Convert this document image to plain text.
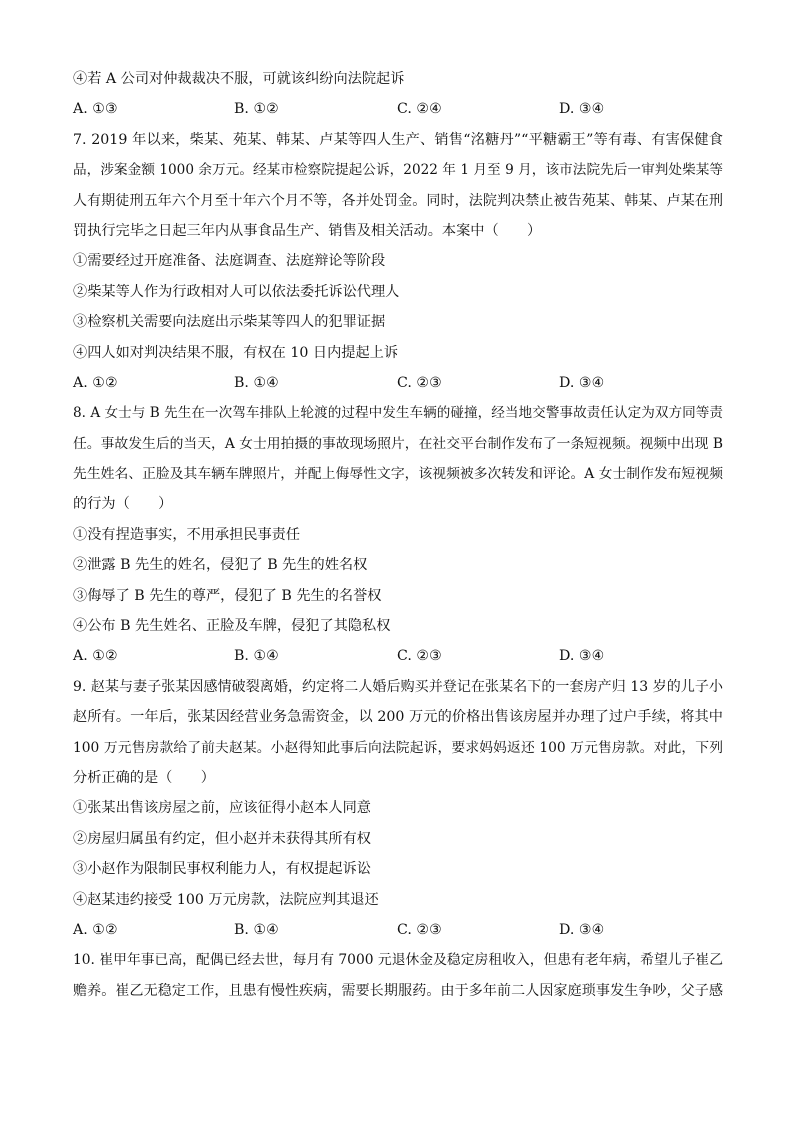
④若 A 公司对仲裁裁决不服，可就该纠纷向法院起诉
A. ①③	B. ①②	C. ②④	D. ③④
7. 2019 年以来，柴某、苑某、韩某、卢某等四人生产、销售“洺糖丹”“平糖霸王”等有毒、有害保健食
品，涉案金额 1000 余万元。经某市检察院提起公诉，2022 年 1 月至 9 月，该市法院先后一审判处柴某等
人有期徒刑五年六个月至十年六个月不等，各并处罚金。同时，法院判决禁止被告苑某、韩某、卢某在刑
罚执行完毕之日起三年内从事食品生产、销售及相关活动。本案中（　　）
①需要经过开庭准备、法庭调查、法庭辩论等阶段
②柴某等人作为行政相对人可以依法委托诉讼代理人
③检察机关需要向法庭出示柴某等四人的犯罪证据
④四人如对判决结果不服，有权在 10 日内提起上诉
A. ①②	B. ①④	C. ②③	D. ③④
8. A 女士与 B 先生在一次驾车排队上轮渡的过程中发生车辆的碰撞，经当地交警事故责任认定为双方同等责
任。事故发生后的当天，A 女士用拍摄的事故现场照片，在社交平台制作发布了一条短视频。视频中出现 B
先生姓名、正脸及其车辆车牌照片，并配上侮辱性文字，该视频被多次转发和评论。A 女士制作发布短视频
的行为（　　）
①没有捏造事实，不用承担民事责任
②泄露 B 先生的姓名，侵犯了 B 先生的姓名权
③侮辱了 B 先生的尊严，侵犯了 B 先生的名誉权
④公布 B 先生姓名、正脸及车牌，侵犯了其隐私权
A. ①②	B. ①④	C. ②③	D. ③④
9. 赵某与妻子张某因感情破裂离婚，约定将二人婚后购买并登记在张某名下的一套房产归 13 岁的儿子小
赵所有。一年后，张某因经营业务急需资金，以 200 万元的价格出售该房屋并办理了过户手续，将其中
100 万元售房款给了前夫赵某。小赵得知此事后向法院起诉，要求妈妈返还 100 万元售房款。对此，下列
分析正确的是（　　）
①张某出售该房屋之前，应该征得小赵本人同意
②房屋归属虽有约定，但小赵并未获得其所有权
③小赵作为限制民事权利能力人，有权提起诉讼
④赵某违约接受 100 万元房款，法院应判其退还
A. ①②	B. ①④	C. ②③	D. ③④
10. 崔甲年事已高，配偶已经去世，每月有 7000 元退休金及稳定房租收入，但患有老年病，希望儿子崔乙
赡养。崔乙无稳定工作，且患有慢性疾病，需要长期服药。由于多年前二人因家庭琐事发生争吵，父子感
